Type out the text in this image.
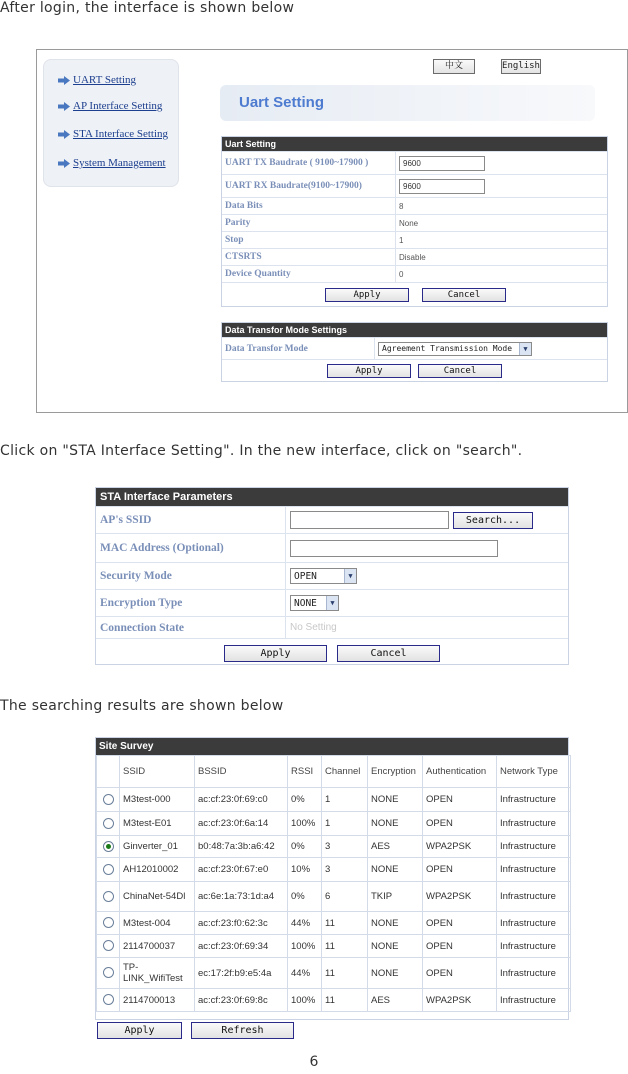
After login, the interface is shown below
UART Setting
AP Interface Setting
STA Interface Setting
System Management
中文	English
Uart Setting
Uart Setting
UART TX Baudrate ( 9100~17900 )	9600
UART RX Baudrate(9100~17900)	9600
Data Bits	8
Parity	None
Stop	1
CTSRTS	Disable
Device Quantity	0
Apply	Cancel
Data Transfor Mode Settings
Data Transfor Mode	Agreement Transmission Mode	▼
Apply	Cancel
Click on "STA Interface Setting". In the new interface, click on "search".
STA Interface Parameters
AP's SSID	Search...
MAC Address (Optional)
Security Mode	OPEN	▼
Encryption Type	NONE	▼
Connection State	No Setting
Apply	Cancel
The searching results are shown below
Site Survey
	SSID	BSSID	RSSI	Channel	Encryption	Authentication	Network Type
	M3test-000	ac:cf:23:0f:69:c0	0%	1	NONE	OPEN	Infrastructure
	M3test-E01	ac:cf:23:0f:6a:14	100%	1	NONE	OPEN	Infrastructure
	Ginverter_01	b0:48:7a:3b:a6:42	0%	3	AES	WPA2PSK	Infrastructure
	AH12010002	ac:cf:23:0f:67:e0	10%	3	NONE	OPEN	Infrastructure
	ChinaNet-54Dl	ac:6e:1a:73:1d:a4	0%	6	TKIP	WPA2PSK	Infrastructure
	M3test-004	ac:cf:23:f0:62:3c	44%	11	NONE	OPEN	Infrastructure
	2114700037	ac:cf:23:0f:69:34	100%	11	NONE	OPEN	Infrastructure
	TP-LINK_WifiTest	ec:17:2f:b9:e5:4a	44%	11	NONE	OPEN	Infrastructure
	2114700013	ac:cf:23:0f:69:8c	100%	11	AES	WPA2PSK	Infrastructure
Apply	Refresh
6
